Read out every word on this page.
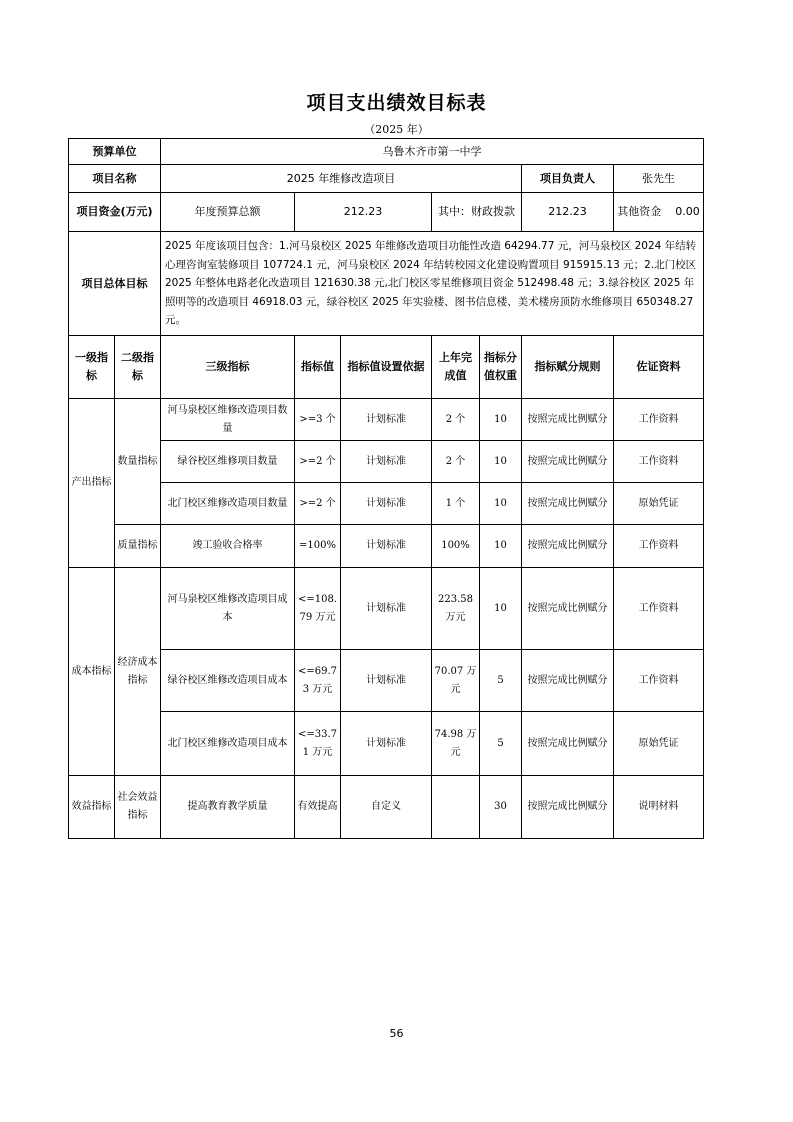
项目支出绩效目标表
（2025 年）
预算单位		乌鲁木齐市第一中学						
项目名称		2025 年维修改造项目					项目负责人	张先生
项目资金(万元)		年度预算总额	212.23		其中：财政拨款		212.23	其他资金 0.00
项目总体目标		2025 年度该项目包含：1.河马泉校区 2025 年维修改造项目功能性改造 64294.77 元，河马泉校区 2024 年结转心理咨询室装修项目 107724.1 元，河马泉校区 2024 年结转校园文化建设购置项目 915915.13 元；2.北门校区 2025 年整体电路老化改造项目 121630.38 元,北门校区零星维修项目资金 512498.48 元；3.绿谷校区 2025 年照明等的改造项目 46918.03 元，绿谷校区 2025 年实验楼、图书信息楼、美术楼房顶防水维修项目 650348.27 元。						
一级指标	二级指标	三级指标	指标值	指标值设置依据	上年完成值	指标分值权重	指标赋分规则	佐证资料
产出指标	数量指标	河马泉校区维修改造项目数量	>=3 个	计划标准	2 个	10	按照完成比例赋分	工作资料
		绿谷校区维修项目数量	>=2 个	计划标准	2 个	10	按照完成比例赋分	工作资料
		北门校区维修改造项目数量	>=2 个	计划标准	1 个	10	按照完成比例赋分	原始凭证
	质量指标	竣工验收合格率	=100%	计划标准	100%	10	按照完成比例赋分	工作资料
成本指标	经济成本指标	河马泉校区维修改造项目成本	<=108.79 万元	计划标准	223.58 万元	10	按照完成比例赋分	工作资料
		绿谷校区维修改造项目成本	<=69.73 万元	计划标准	70.07 万元	5	按照完成比例赋分	工作资料
		北门校区维修改造项目成本	<=33.71 万元	计划标准	74.98 万元	5	按照完成比例赋分	原始凭证
效益指标	社会效益指标	提高教育教学质量	有效提高	自定义		30	按照完成比例赋分	说明材料
56
